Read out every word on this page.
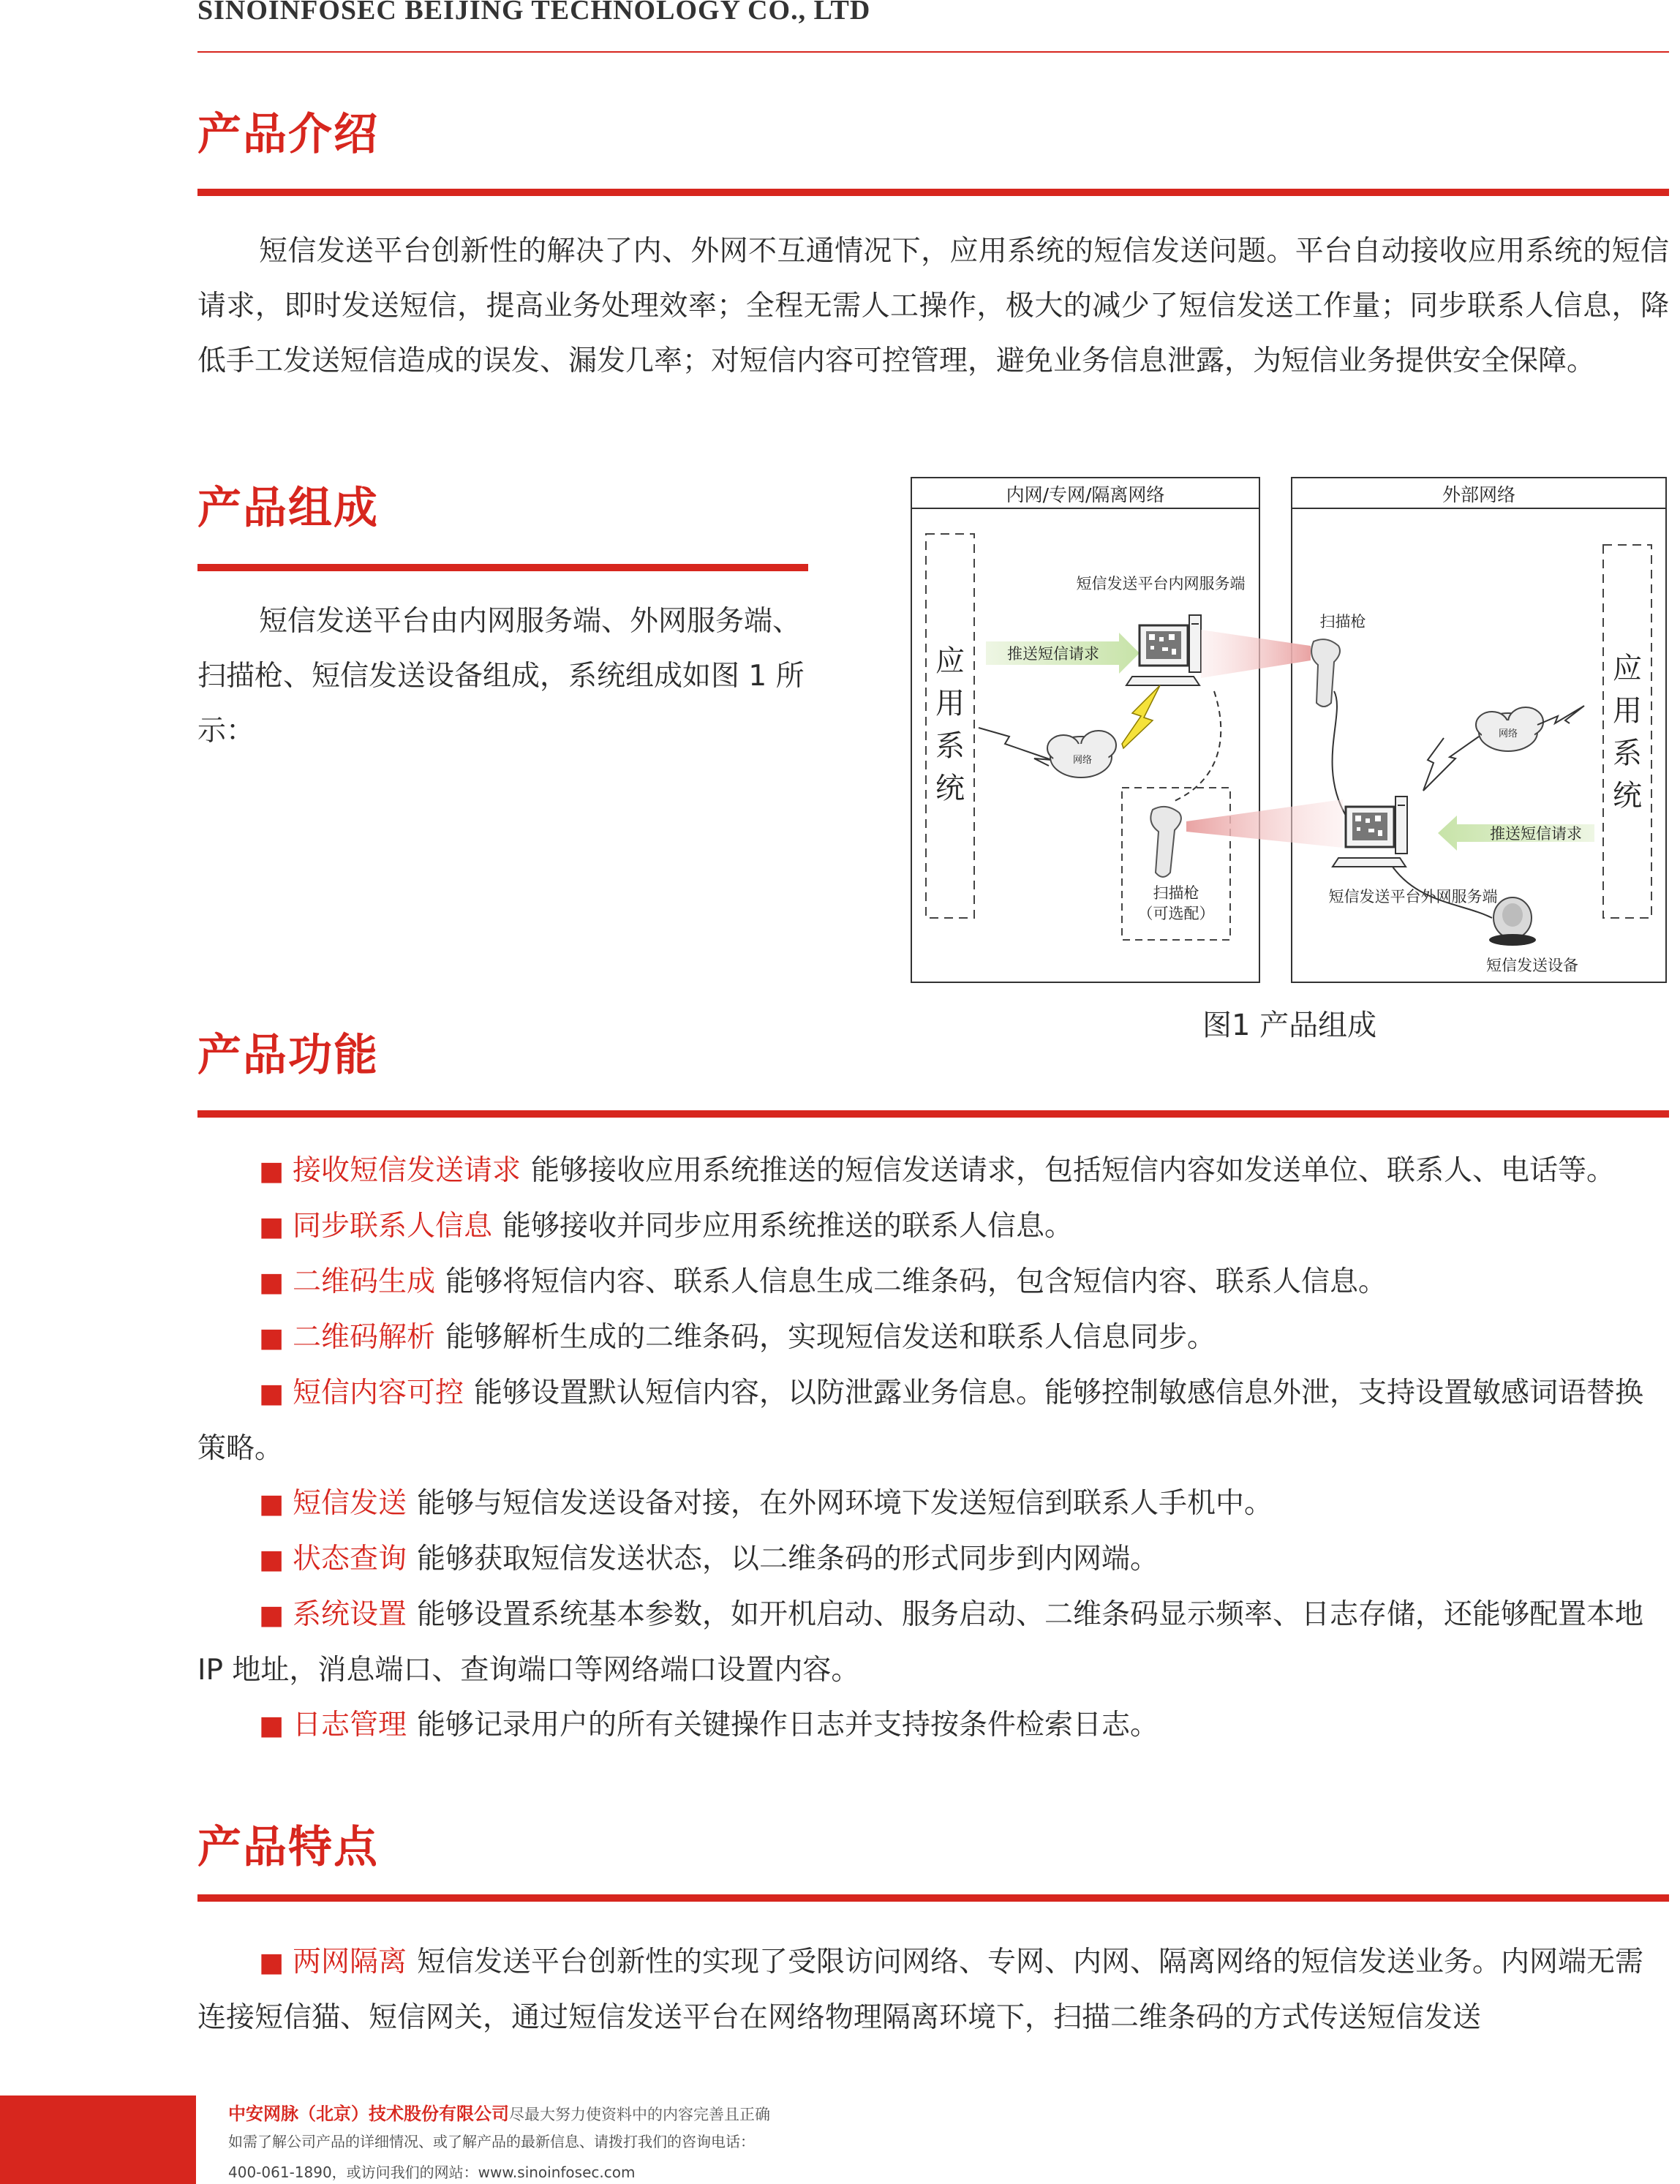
SINOINFOSEC BEIJING TECHNOLOGY CO., LTD
产品介绍

短信发送平台创新性的解决了内、外网不互通情况下，应用系统的短信发送问题。平台自动接收应用系统的短信请求，即时发送短信，提高业务处理效率；全程无需人工操作，极大的减少了短信发送工作量；同步联系人信息，降低手工发送短信造成的误发、漏发几率；对短信内容可控管理，避免业务信息泄露，为短信业务提供安全保障。

产品组成

短信发送平台由内网服务端、外网服务端、扫描枪、短信发送设备组成，系统组成如图 1 所示：

内网/专网/隔离网络	外部网络
应
用
系
统
应
用
系
统
短信发送平台内网服务端
推送短信请求
扫描枪
网络
扫描枪
（可选配）
网络
推送短信请求
短信发送平台外网服务端
短信发送设备
图1 产品组成
产品功能

■ 接收短信发送请求 能够接收应用系统推送的短信发送请求，包括短信内容如发送单位、联系人、电话等。

■ 同步联系人信息 能够接收并同步应用系统推送的联系人信息。

■ 二维码生成 能够将短信内容、联系人信息生成二维条码，包含短信内容、联系人信息。

■ 二维码解析 能够解析生成的二维条码，实现短信发送和联系人信息同步。

■ 短信内容可控 能够设置默认短信内容，以防泄露业务信息。能够控制敏感信息外泄，支持设置敏感词语替换策略。

■ 短信发送 能够与短信发送设备对接，在外网环境下发送短信到联系人手机中。

■ 状态查询 能够获取短信发送状态，以二维条码的形式同步到内网端。

■ 系统设置 能够设置系统基本参数，如开机启动、服务启动、二维条码显示频率、日志存储，还能够配置本地 IP 地址，消息端口、查询端口等网络端口设置内容。

■ 日志管理 能够记录用户的所有关键操作日志并支持按条件检索日志。

产品特点

■ 两网隔离 短信发送平台创新性的实现了受限访问网络、专网、内网、隔离网络的短信发送业务。内网端无需连接短信猫、短信网关，通过短信发送平台在网络物理隔离环境下，扫描二维条码的方式传送短信发送

中安网脉（北京）技术股份有限公司尽最大努力使资料中的内容完善且正确
如需了解公司产品的详细情况、或了解产品的最新信息、请拨打我们的咨询电话：
400-061-1890，或访问我们的网站：www.sinoinfosec.com
